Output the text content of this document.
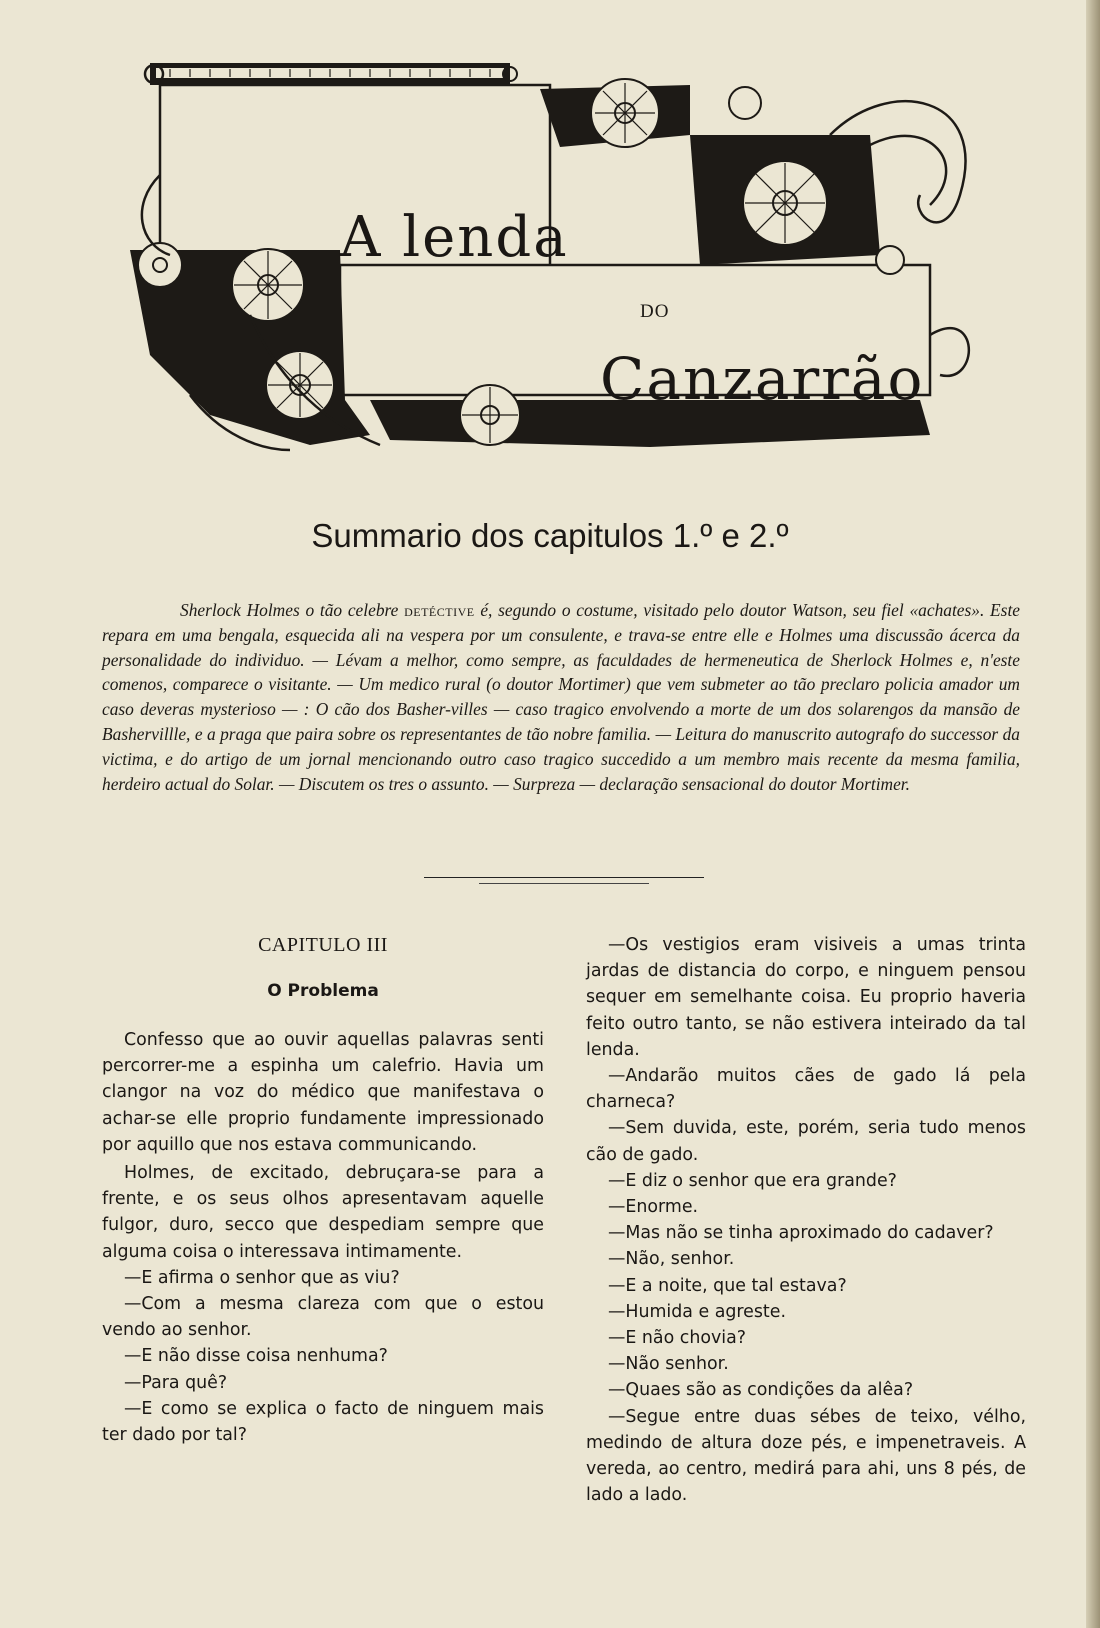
A lenda
DO
Canzarrão
Summario dos capitulos 1.º e 2.º
Sherlock Holmes o tão celebre detéctive é, segundo o costume, visitado pelo doutor Watson, seu fiel «achates». Este repara em uma bengala, esquecida ali na vespera por um consulente, e trava-se entre elle e Holmes uma discussão ácerca da personalidade do individuo. — Lévam a melhor, como sempre, as faculdades de hermeneutica de Sherlock Holmes e, n'este comenos, comparece o visitante. — Um medico rural (o doutor Mortimer) que vem submeter ao tão preclaro policia amador um caso deveras mysterioso — : O cão dos Basher-villes — caso tragico envolvendo a morte de um dos solarengos da mansão de Bashervillle, e a praga que paira sobre os representantes de tão nobre familia. — Leitura do manuscrito autografo do successor da victima, e do artigo de um jornal mencionando outro caso tragico succedido a um membro mais recente da mesma familia, herdeiro actual do Solar. — Discutem os tres o assunto. — Surpreza — declaração sensacional do doutor Mortimer.
CAPITULO III
O Problema

Confesso que ao ouvir aquellas palavras senti percorrer-me a espinha um calefrio. Havia um clangor na voz do médico que manifestava o achar-se elle proprio fundamente impressionado por aquillo que nos estava communicando.

Holmes, de excitado, debruçara-se para a frente, e os seus olhos apresentavam aquelle fulgor, duro, secco que despediam sempre que alguma coisa o interessava intimamente.

—E afirma o senhor que as viu?

—Com a mesma clareza com que o estou vendo ao senhor.

—E não disse coisa nenhuma?

—Para quê?

—E como se explica o facto de ninguem mais ter dado por tal?

—Os vestigios eram visiveis a umas trinta jardas de distancia do corpo, e ninguem pensou sequer em semelhante coisa. Eu proprio haveria feito outro tanto, se não estivera inteirado da tal lenda.

—Andarão muitos cães de gado lá pela charneca?

—Sem duvida, este, porém, seria tudo menos cão de gado.

—E diz o senhor que era grande?

—Enorme.

—Mas não se tinha aproximado do cadaver?

—Não, senhor.

—E a noite, que tal estava?

—Humida e agreste.

—E não chovia?

—Não senhor.

—Quaes são as condições da alêa?

—Segue entre duas sébes de teixo, vélho, medindo de altura doze pés, e impenetraveis. A vereda, ao centro, medirá para ahi, uns 8 pés, de lado a lado.
